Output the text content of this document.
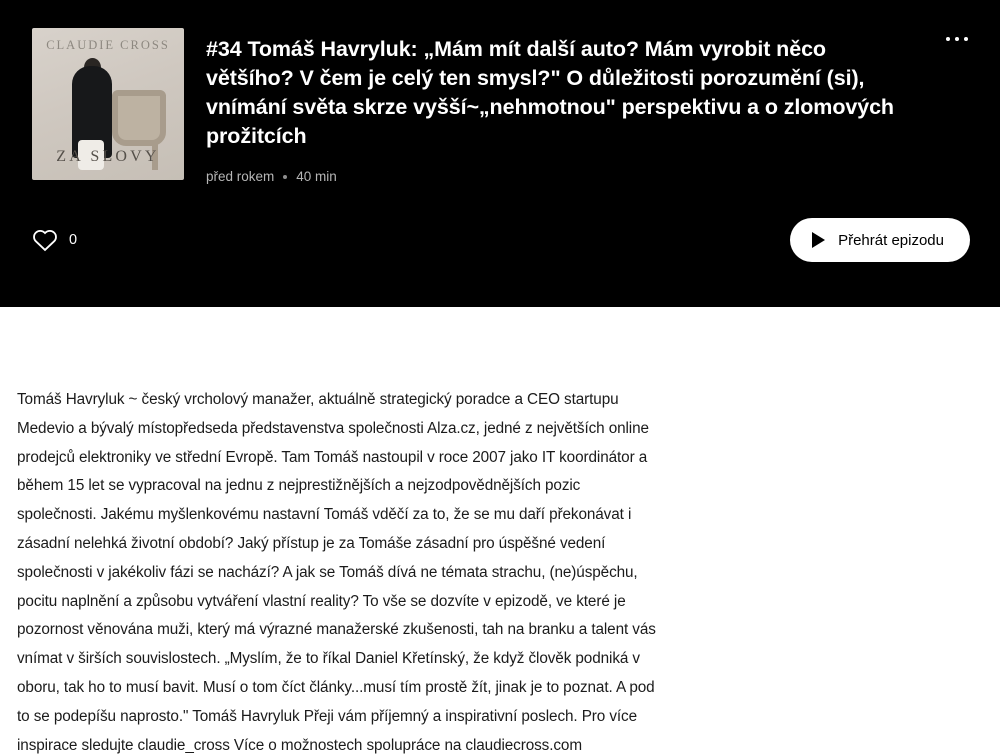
CLAUDIE CROSS
ZA SLOVY
#34 Tomáš Havryluk: „Mám mít další auto? Mám vyrobit něco většího? V čem je celý ten smysl?" O důležitosti porozumění (si), vnímání světa skrze vyšší~„nehmotnou" perspektivu a o zlomových prožitcích
před rokem 40 min
0	Přehrát epizodu
Tomáš Havryluk ~ český vrcholový manažer, aktuálně strategický poradce a CEO startupu Medevio a bývalý místopředseda představenstva společnosti Alza.cz, jedné z největších online prodejců elektroniky ve střední Evropě. Tam Tomáš nastoupil v roce 2007 jako IT koordinátor a během 15 let se vypracoval na jednu z nejprestižnějších a nejzodpovědnějších pozic společnosti. Jakému myšlenkovému nastavní Tomáš vděčí za to, že se mu daří překonávat i zásadní nelehká životní období? Jaký přístup je za Tomáše zásadní pro úspěšné vedení společnosti v jakékoliv fázi se nachází? A jak se Tomáš dívá ne témata strachu, (ne)úspěchu, pocitu naplnění a způsobu vytváření vlastní reality? To vše se dozvíte v epizodě, ve které je pozornost věnována muži, který má výrazné manažerské zkušenosti, tah na branku a talent vás vnímat v širších souvislostech. „Myslím, že to říkal Daniel Křetínský, že když člověk podniká v oboru, tak ho to musí bavit. Musí o tom číct články...musí tím prostě žít, jinak je to poznat. A pod to se podepíšu naprosto." Tomáš Havryluk Přeji vám příjemný a inspirativní poslech. Pro více inspirace sledujte claudie_cross Více o možnostech spolupráce na claudiecross.com
